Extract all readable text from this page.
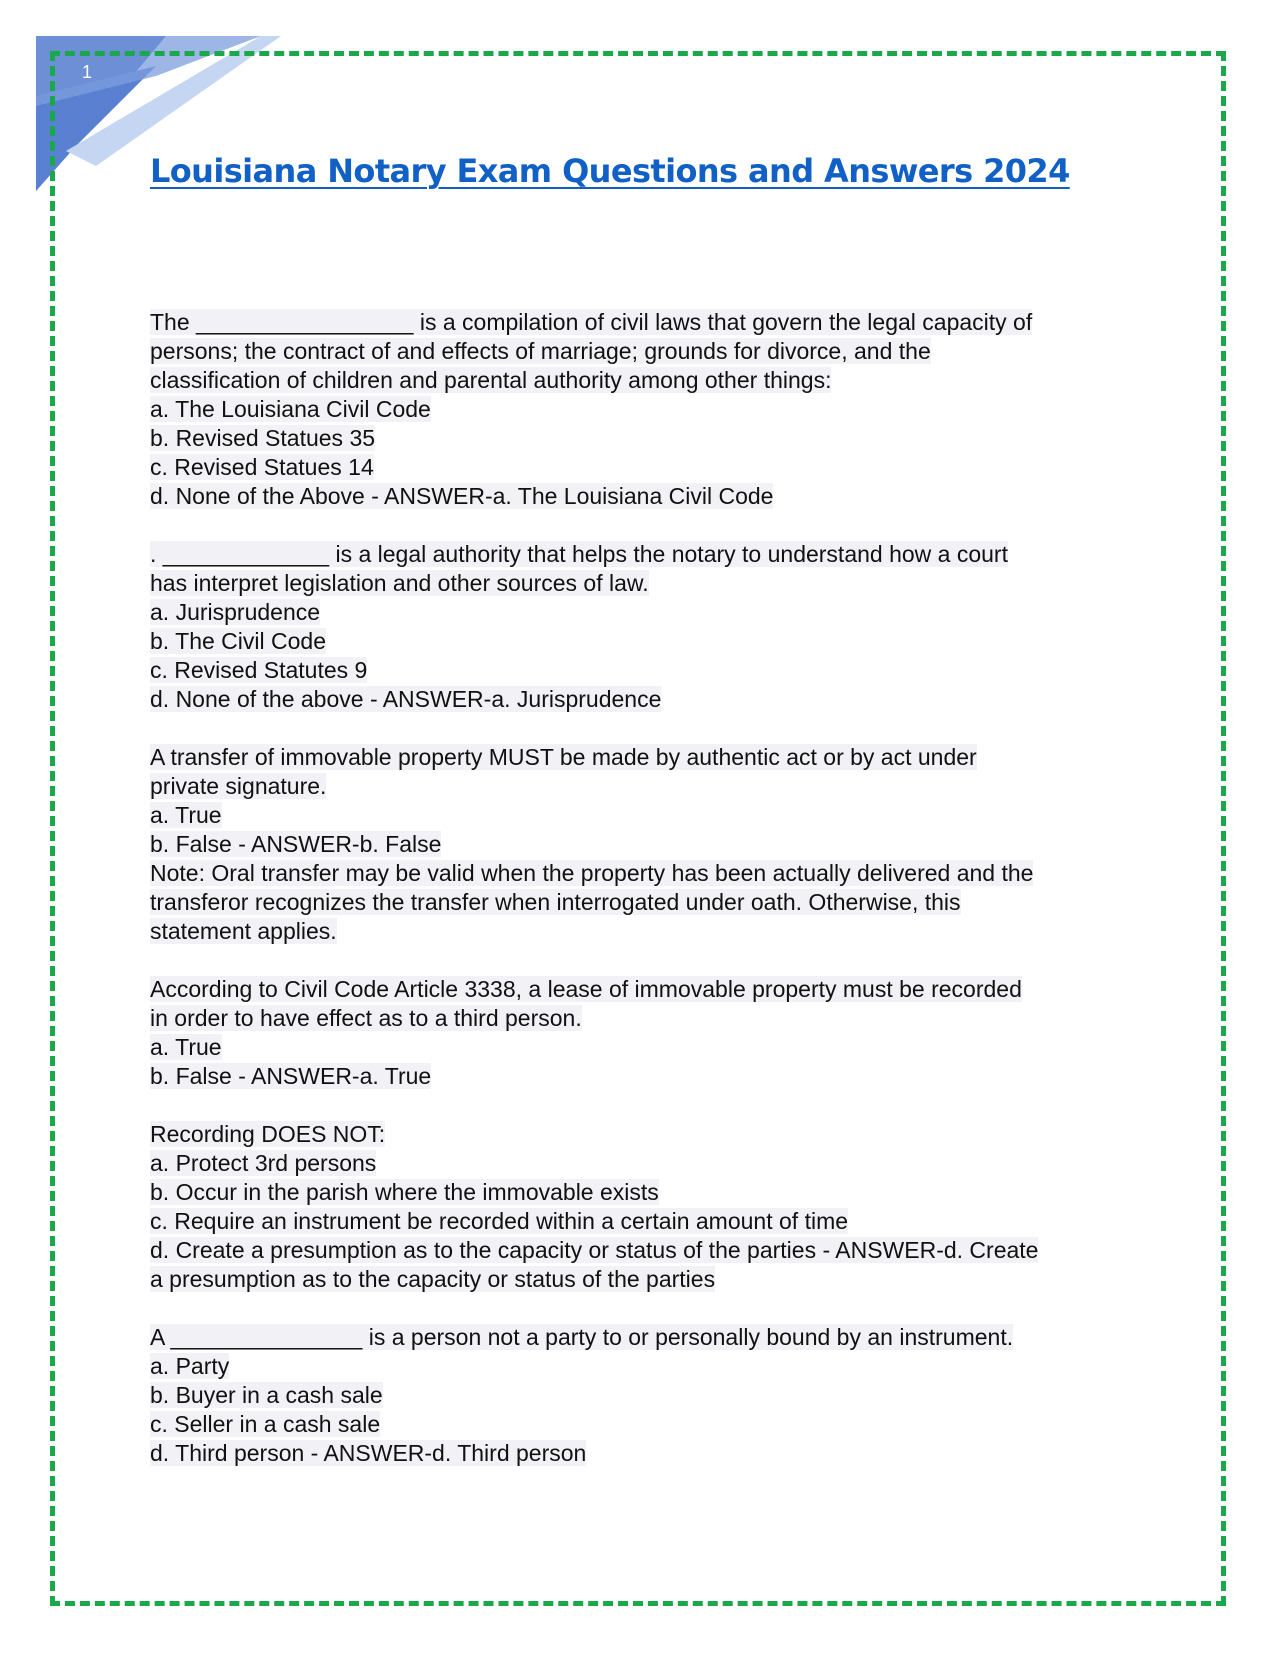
1
Louisiana Notary Exam Questions and Answers 2024
The _________________ is a compilation of civil laws that govern the legal capacity of
persons; the contract of and effects of marriage; grounds for divorce, and the
classification of children and parental authority among other things:
a. The Louisiana Civil Code
b. Revised Statues 35
c. Revised Statues 14
d. None of the Above - ANSWER-a. The Louisiana Civil Code
. _____________ is a legal authority that helps the notary to understand how a court
has interpret legislation and other sources of law.
a. Jurisprudence
b. The Civil Code
c. Revised Statutes 9
d. None of the above - ANSWER-a. Jurisprudence
A transfer of immovable property MUST be made by authentic act or by act under
private signature.
a. True
b. False - ANSWER-b. False
Note: Oral transfer may be valid when the property has been actually delivered and the
transferor recognizes the transfer when interrogated under oath. Otherwise, this
statement applies.
According to Civil Code Article 3338, a lease of immovable property must be recorded
in order to have effect as to a third person.
a. True
b. False - ANSWER-a. True
Recording DOES NOT:
a. Protect 3rd persons
b. Occur in the parish where the immovable exists
c. Require an instrument be recorded within a certain amount of time
d. Create a presumption as to the capacity or status of the parties - ANSWER-d. Create
a presumption as to the capacity or status of the parties
A _______________ is a person not a party to or personally bound by an instrument.
a. Party
b. Buyer in a cash sale
c. Seller in a cash sale
d. Third person - ANSWER-d. Third person
